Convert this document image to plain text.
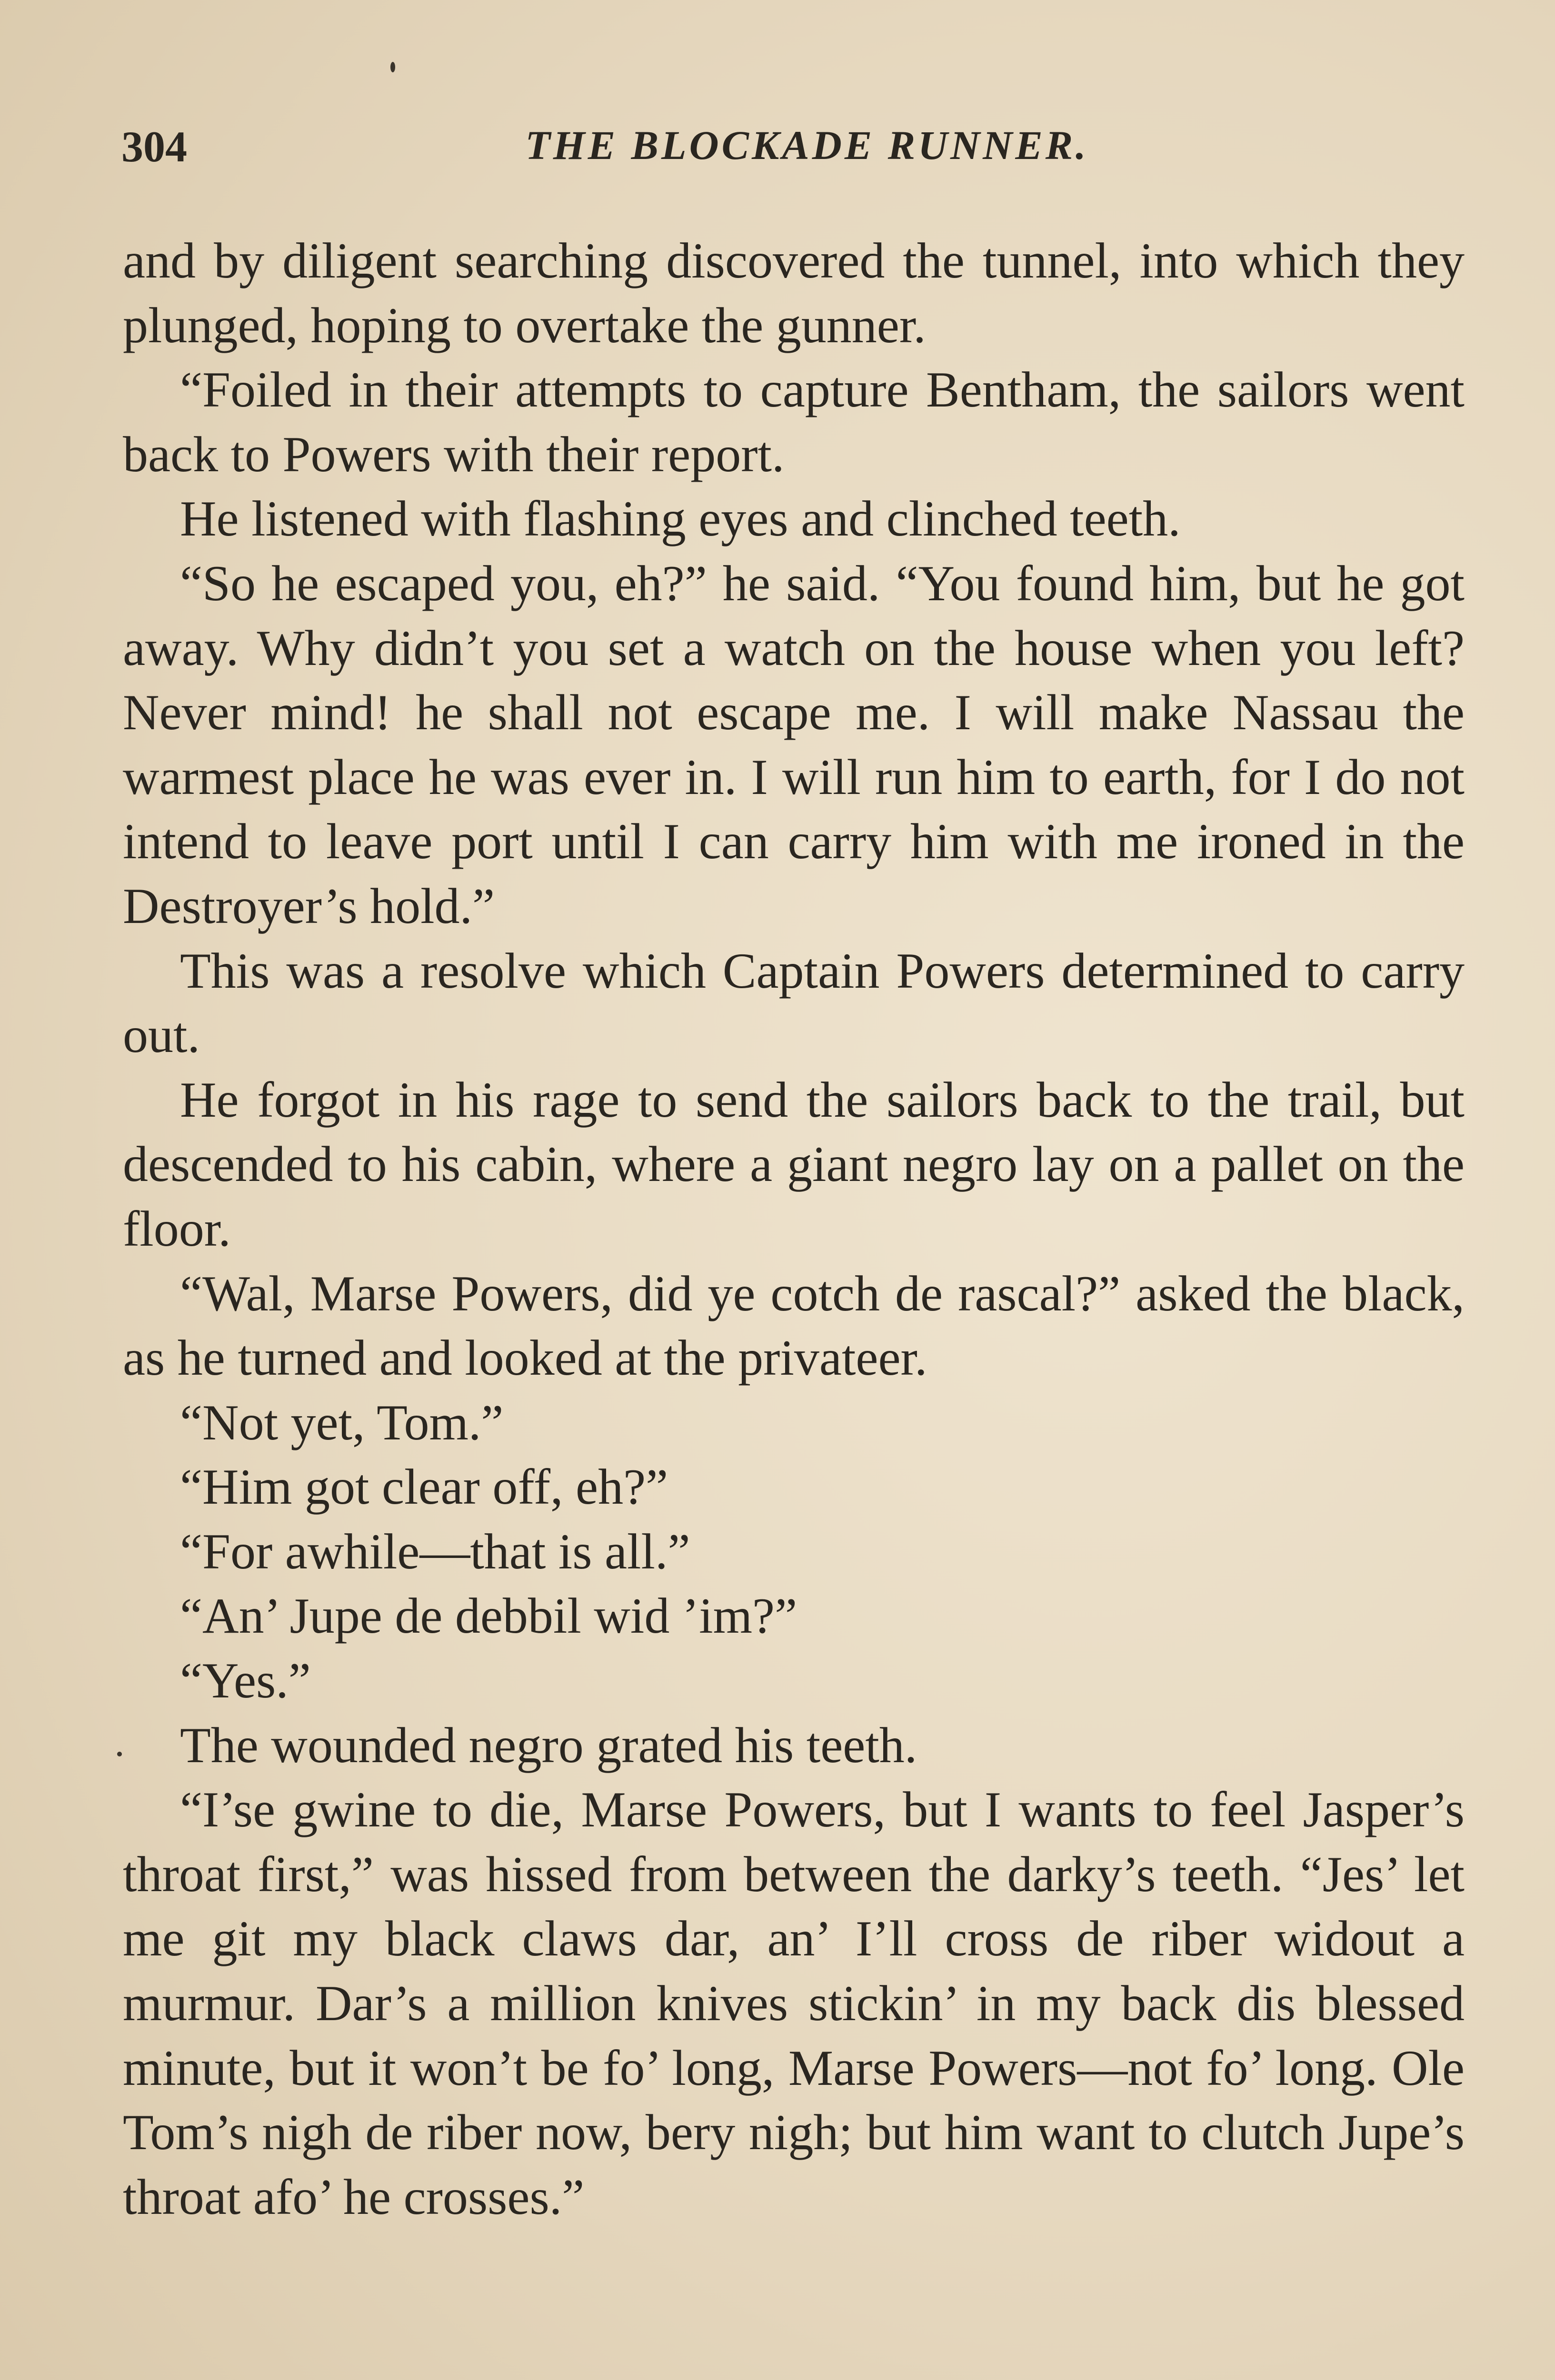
304	THE BLOCKADE RUNNER.

and by diligent searching discovered the tunnel, into which they plunged, hoping to overtake the gunner.

“Foiled in their attempts to capture Bentham, the sailors went back to Powers with their report.

He listened with flashing eyes and clinched teeth.

“So he escaped you, eh?” he said. “You found him, but he got away. Why didn’t you set a watch on the house when you left? Never mind! he shall not escape me. I will make Nassau the warmest place he was ever in. I will run him to earth, for I do not intend to leave port until I can carry him with me ironed in the Destroyer’s hold.”

This was a resolve which Captain Powers determined to carry out.

He forgot in his rage to send the sailors back to the trail, but descended to his cabin, where a giant negro lay on a pallet on the floor.

“Wal, Marse Powers, did ye cotch de rascal?” asked the black, as he turned and looked at the privateer.

“Not yet, Tom.”

“Him got clear off, eh?”

“For awhile—that is all.”

“An’ Jupe de debbil wid ’im?”

“Yes.”

The wounded negro grated his teeth.

“I’se gwine to die, Marse Powers, but I wants to feel Jasper’s throat first,” was hissed from between the darky’s teeth. “Jes’ let me git my black claws dar, an’ I’ll cross de riber widout a murmur. Dar’s a million knives stickin’ in my back dis blessed minute, but it won’t be fo’ long, Marse Powers—not fo’ long. Ole Tom’s nigh de riber now, bery nigh; but him want to clutch Jupe’s throat afo’ he crosses.”
